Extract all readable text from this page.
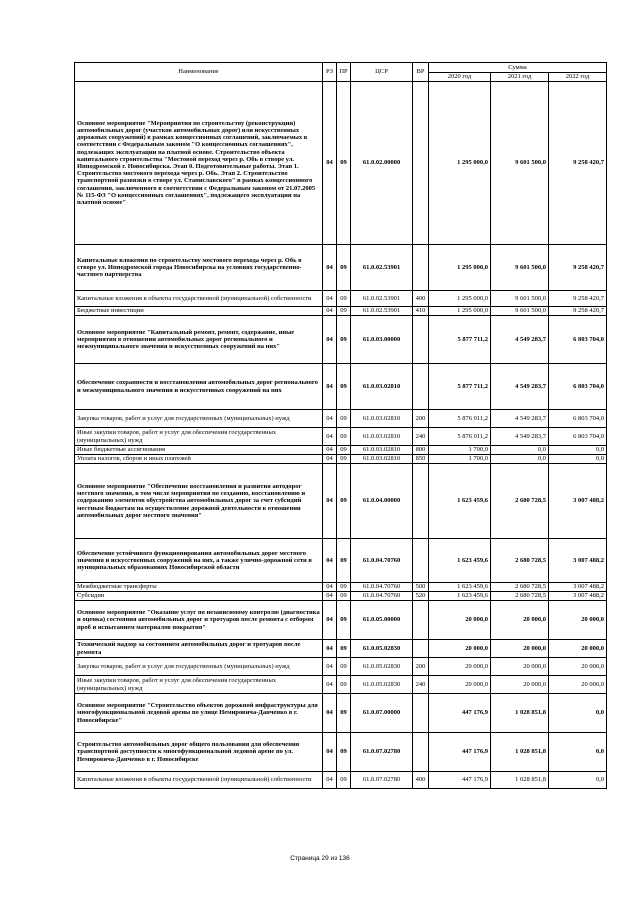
Наименование	РЗ	ПР	ЦСР	ВР	Сумма		
					2020 год	2021 год	2022 год
Основное мероприятие "Мероприятия по строительству (реконструкции) автомобильных дорог (участков автомобильных дорог) или искусственных дорожных сооружений) в рамках концессионных соглашений, заключаемых в соответствии с Федеральным законом "О концессионных соглашениях", подлежащих эксплуатации на платной основе. Строительство объекта капитального строительства "Мостовой переход через р. Обь в створе ул. Ипподромской г. Новосибирска. Этап 0. Подготовительные работы. Этап 1. Строительство мостового перехода через р. Обь. Этап 2. Строительство транспортной развязки в створе ул. Станиславского" в рамках концессионного соглашения, заключенного в соответствии с Федеральным законом от 21.07.2005 № 115-ФЗ "О концессионных соглашениях", подлежащего эксплуатации на платной основе"	04	09	61.0.02.00000		1 295 000,0	9 601 500,0	9 258 420,7
Капитальные вложения по строительству мостового перехода через р. Обь в створе ул. Ипподромской города Новосибирска на условиях государственно-частного партнерства	04	09	61.0.02.53901		1 295 000,0	9 601 500,0	9 258 420,7
Капитальные вложения в объекты государственной (муниципальной) собственности	04	09	61.0.02.53901	400	1 295 000,0	9 601 500,0	9 258 420,7
Бюджетные инвестиции	04	09	61.0.02.53901	410	1 295 000,0	9 601 500,0	9 258 420,7
Основное мероприятие "Капитальный ремонт, ремонт, содержание, иные мероприятия в отношении автомобильных дорог регионального и межмуниципального значения и искусственных сооружений на них"	04	09	61.0.03.00000		5 877 711,2	4 549 283,7	6 803 704,0
Обеспечение сохранности и восстановления автомобильных дорог регионального и межмуниципального значения и искусственных сооружений на них	04	09	61.0.03.02810		5 877 711,2	4 549 283,7	6 803 704,0
Закупка товаров, работ и услуг для государственных (муниципальных) нужд	04	09	61.0.03.02810	200	5 876 011,2	4 549 283,7	6 803 704,0
Иные закупки товаров, работ и услуг для обеспечения государственных (муниципальных) нужд	04	09	61.0.03.02810	240	5 876 011,2	4 549 283,7	6 803 704,0
Иные бюджетные ассигнования	04	09	61.0.03.02810	800	1 700,0	0,0	0,0
Уплата налогов, сборов и иных платежей	04	09	61.0.03.02810	850	1 700,0	0,0	0,0
Основное мероприятие "Обеспечение восстановления и развития автодорог местного значения, в том числе мероприятия по созданию, восстановлению и содержанию элементов обустройства автомобильных дорог за счет субсидий местным бюджетам на осуществление дорожной деятельности в отношении автомобильных дорог местного значения"	04	09	61.0.04.00000		1 623 459,6	2 680 728,5	3 007 488,2
Обеспечение устойчивого функционирования автомобильных дорог местного значения и искусственных сооружений на них, а также улично-дорожной сети в муниципальных образованиях Новосибирской области	04	09	61.0.04.70760		1 623 459,6	2 680 728,5	3 007 488,2
Межбюджетные трансферты	04	09	61.0.04.70760	500	1 623 459,6	2 680 728,5	3 007 488,2
Субсидии	04	09	61.0.04.70760	520	1 623 459,6	2 680 728,5	3 007 488,2
Основное мероприятие "Оказание услуг по независимому контролю (диагностика и оценка) состояния автомобильных дорог и тротуаров после ремонта с отбором проб и испытанием материалов покрытия"	04	09	61.0.05.00000		20 000,0	20 000,0	20 000,0
Технический надзор за состоянием автомобильных дорог и тротуаров после ремонта	04	09	61.0.05.02830		20 000,0	20 000,0	20 000,0
Закупка товаров, работ и услуг для государственных (муниципальных) нужд	04	09	61.0.05.02830	200	20 000,0	20 000,0	20 000,0
Иные закупки товаров, работ и услуг для обеспечения государственных (муниципальных) нужд	04	09	61.0.05.02830	240	20 000,0	20 000,0	20 000,0
Основное мероприятие "Строительство объектов дорожной инфраструктуры для многофункциональной ледовой арены по улице Немировича-Данченко в г. Новосибирске"	04	09	61.0.07.00000		447 176,9	1 028 851,8	0,0
Строительство автомобильных дорог общего пользования для обеспечения транспортной доступности к многофункциональной ледовой арене по ул. Немировича-Данченко в г. Новосибирске	04	09	61.0.07.02780		447 176,9	1 028 851,8	0,0
Капитальные вложения в объекты государственной (муниципальной) собственности	04	09	61.0.07.02780	400	447 176,9	1 028 851,8	0,0
Страница 29 из 136
